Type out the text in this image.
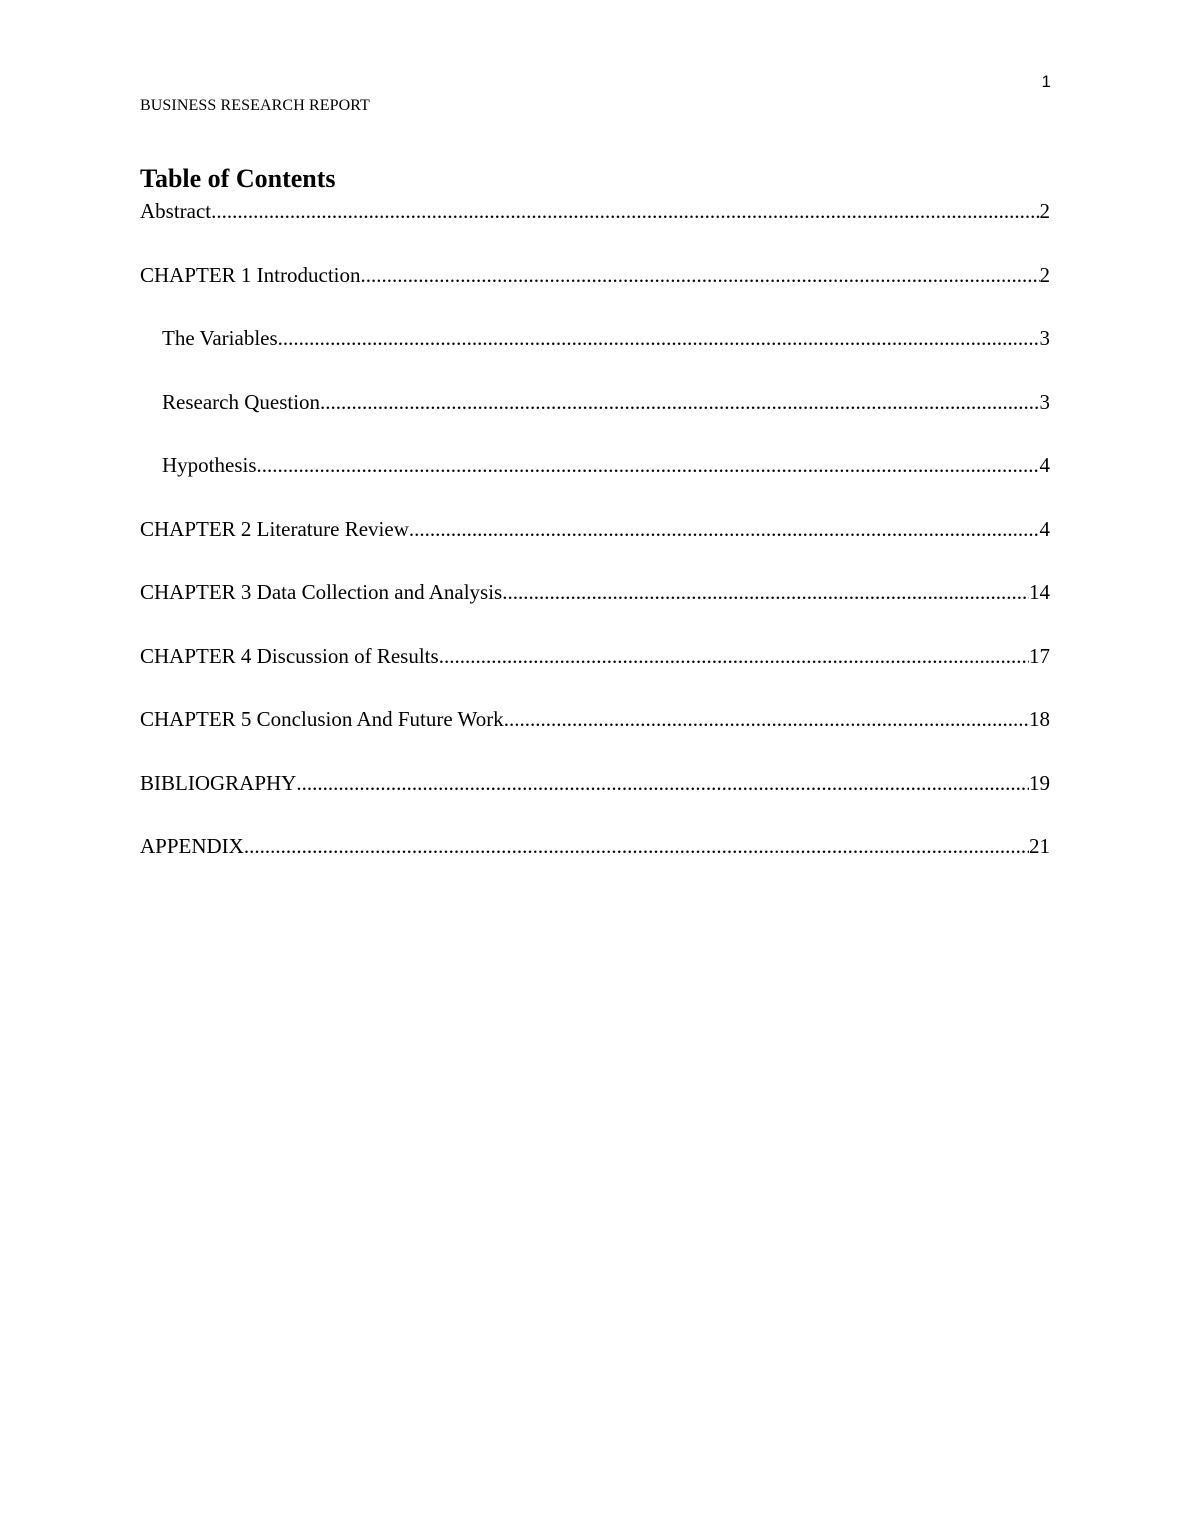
1
BUSINESS RESEARCH REPORT
Table of Contents
Abstract .....	2
CHAPTER 1 Introduction .....	2
The Variables .....	3
Research Question .....	3
Hypothesis .....	4
CHAPTER 2 Literature Review .....	4
CHAPTER 3 Data Collection and Analysis .....	14
CHAPTER 4 Discussion of Results .....	17
CHAPTER 5 Conclusion And Future Work .....	18
BIBLIOGRAPHY .....	19
APPENDIX .....	21
